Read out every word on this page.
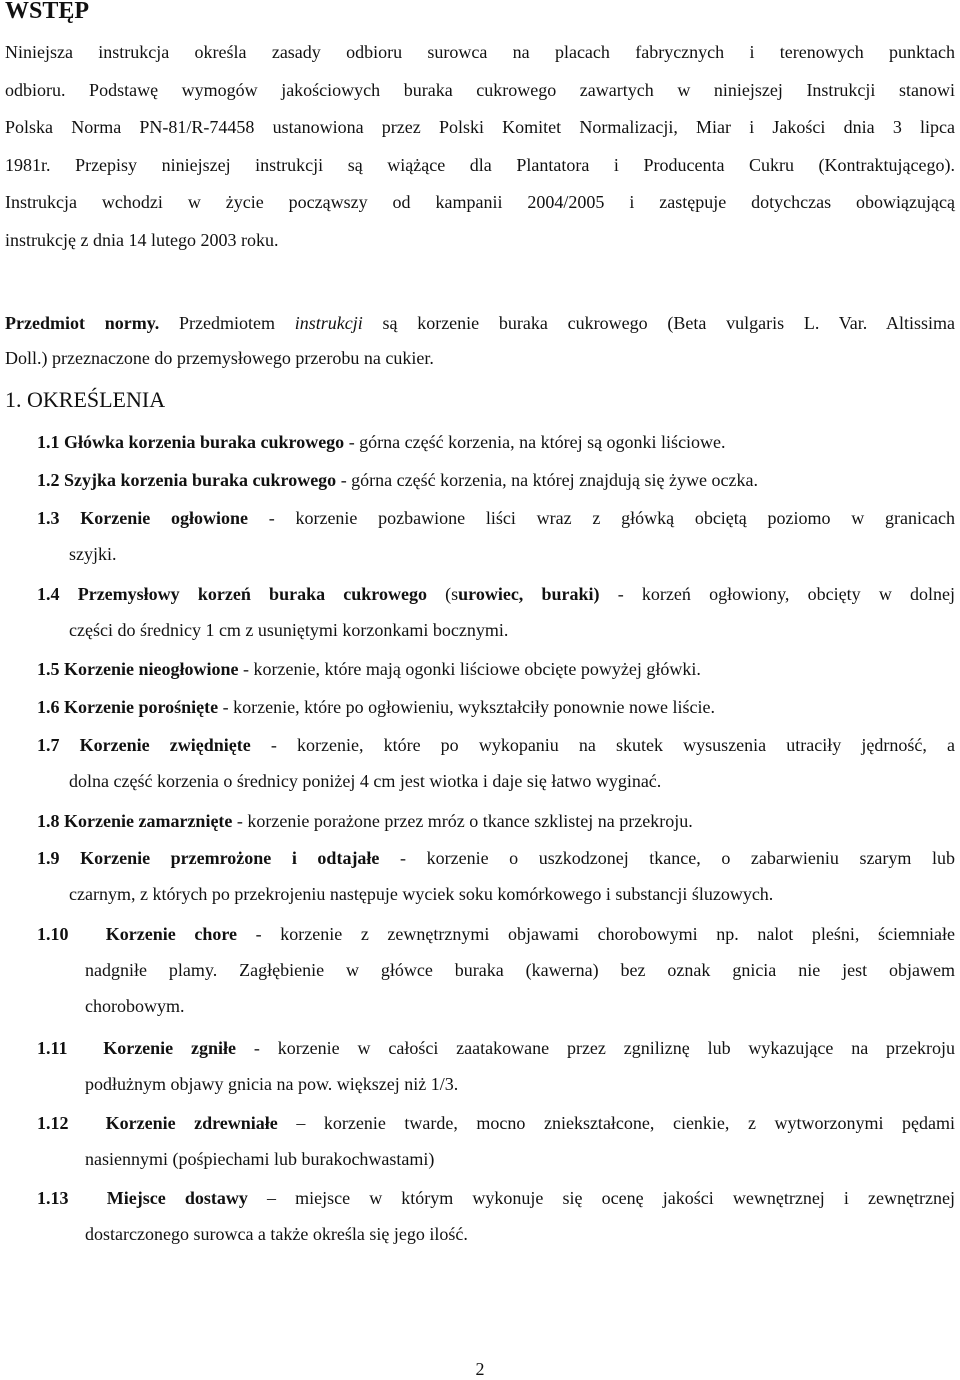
WSTĘP

Niniejsza instrukcja określa zasady odbioru surowca na placach fabrycznych i terenowych punktach
odbioru. Podstawę wymogów jakościowych buraka cukrowego zawartych w niniejszej Instrukcji stanowi
Polska Norma PN-81/R-74458 ustanowiona przez Polski Komitet Normalizacji, Miar i Jakości dnia 3 lipca
1981r. Przepisy niniejszej instrukcji są wiążące dla Plantatora i Producenta Cukru (Kontraktującego).
Instrukcja wchodzi w życie począwszy od kampanii 2004/2005 i zastępuje dotychczas obowiązującą
instrukcję z dnia 14 lutego 2003 roku.

Przedmiot normy. Przedmiotem instrukcji są korzenie buraka cukrowego (Beta vulgaris L. Var. Altissima
Doll.) przeznaczone do przemysłowego przerobu na cukier.

1. OKREŚLENIA

1.1 Główka korzenia buraka cukrowego - górna część korzenia, na której są ogonki liściowe.

1.2 Szyjka korzenia buraka cukrowego - górna część korzenia, na której znajdują się żywe oczka.

1.3 Korzenie ogłowione - korzenie pozbawione liści wraz z główką obciętą poziomo w granicach
szyjki.

1.4 Przemysłowy korzeń buraka cukrowego (surowiec, buraki) - korzeń ogłowiony, obcięty w dolnej
części do średnicy 1 cm z usuniętymi korzonkami bocznymi.

1.5 Korzenie nieogłowione - korzenie, które mają ogonki liściowe obcięte powyżej główki.

1.6 Korzenie porośnięte - korzenie, które po ogłowieniu, wykształciły ponownie nowe liście.

1.7 Korzenie zwiędnięte - korzenie, które po wykopaniu na skutek wysuszenia utraciły jędrność, a
dolna część korzenia o średnicy poniżej 4 cm jest wiotka i daje się łatwo wyginać.

1.8 Korzenie zamarznięte - korzenie porażone przez mróz o tkance szklistej na przekroju.

1.9 Korzenie przemrożone i odtajałe - korzenie o uszkodzonej tkance, o zabarwieniu szarym lub
czarnym, z których po przekrojeniu następuje wyciek soku komórkowego i substancji śluzowych.

1.10 Korzenie chore - korzenie z zewnętrznymi objawami chorobowymi np. nalot pleśni, ściemniałe
nadgniłe plamy. Zagłębienie w główce buraka (kawerna) bez oznak gnicia nie jest objawem
chorobowym.

1.11 Korzenie zgniłe - korzenie w całości zaatakowane przez zgniliznę lub wykazujące na przekroju
podłużnym objawy gnicia na pow. większej niż 1/3.

1.12 Korzenie zdrewniałe – korzenie twarde, mocno zniekształcone, cienkie, z wytworzonymi pędami
nasiennymi (pośpiechami lub burakochwastami)

1.13 Miejsce dostawy – miejsce w którym wykonuje się ocenę jakości wewnętrznej i zewnętrznej
dostarczonego surowca a także określa się jego ilość.

2
